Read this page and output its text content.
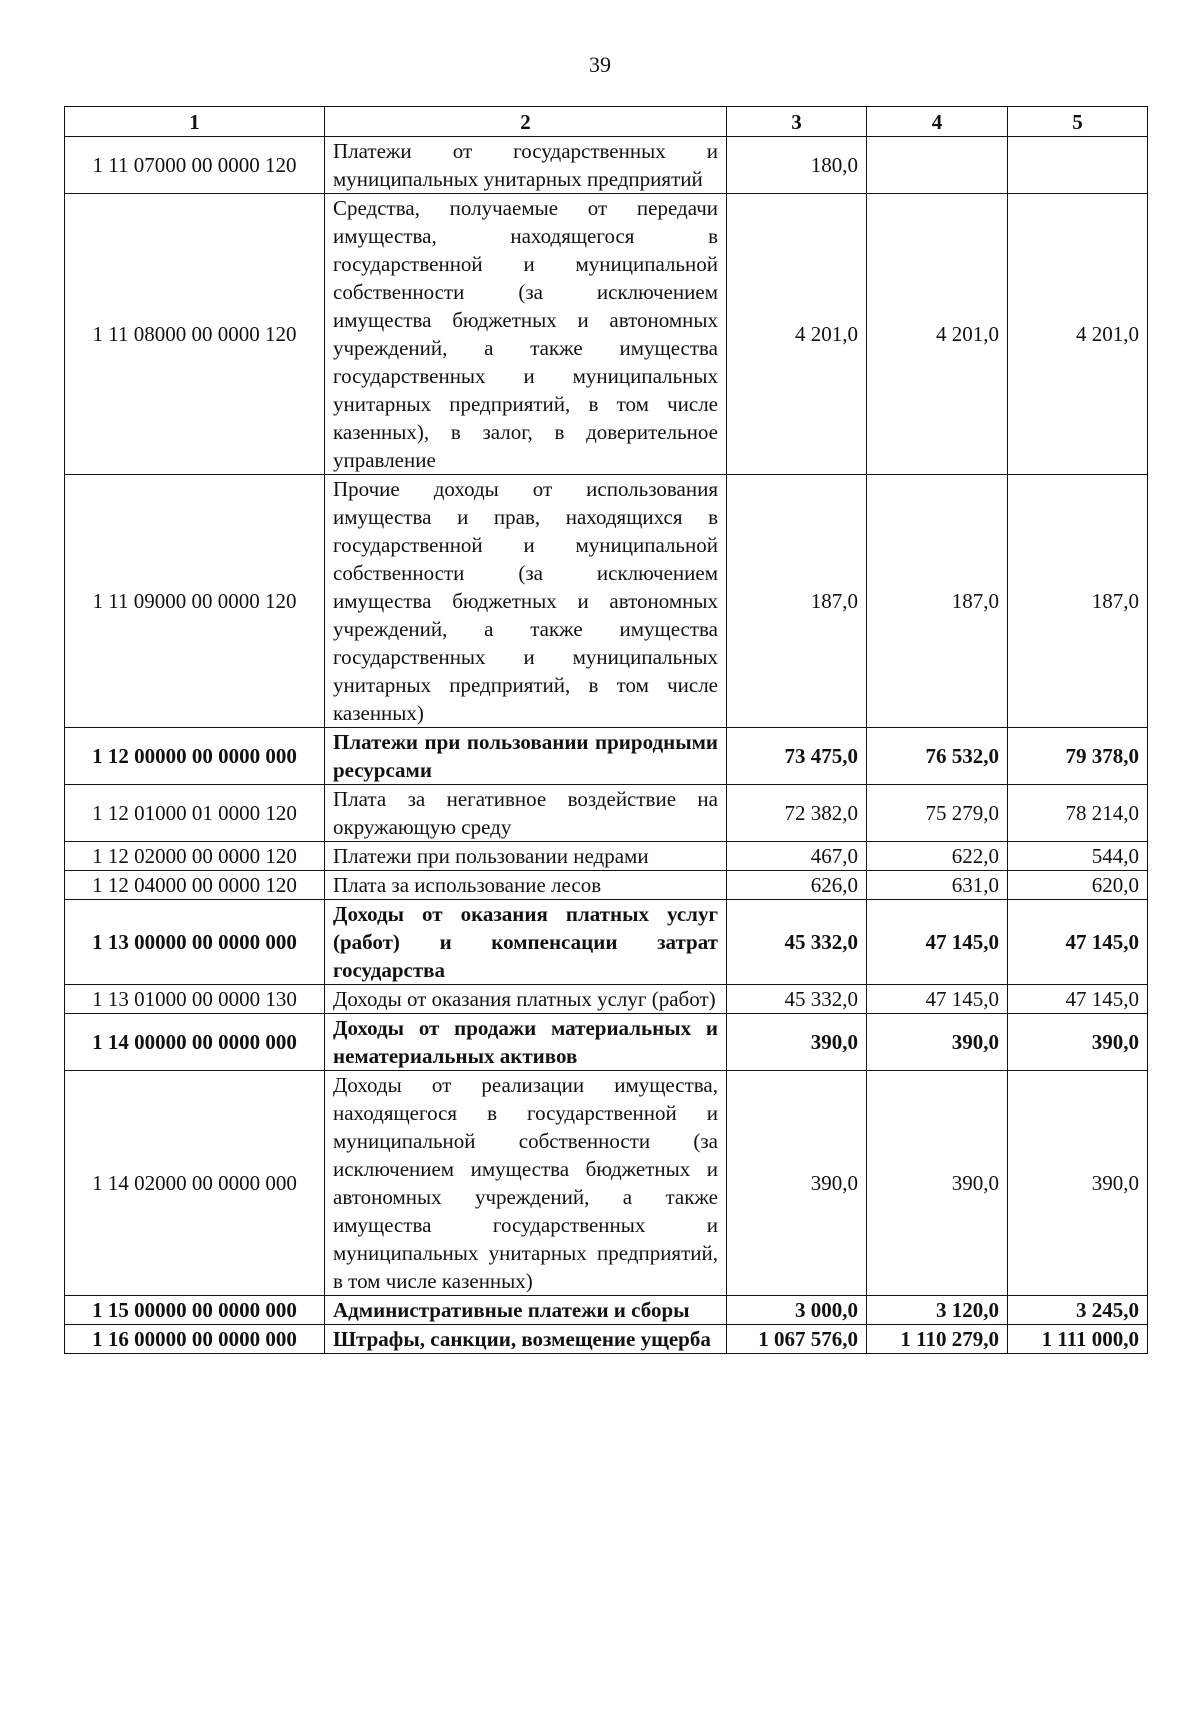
39
1	2	3	4	5
1 11 07000 00 0000 120	Платежи от государственных и муниципальных унитарных предприятий	180,0		
1 11 08000 00 0000 120	Средства, получаемые от передачи имущества, находящегося в государственной и муниципальной собственности (за исключением имущества бюджетных и автономных учреждений, а также имущества государственных и муниципальных унитарных предприятий, в том числе казенных), в залог, в доверительное управление	4 201,0	4 201,0	4 201,0
1 11 09000 00 0000 120	Прочие доходы от использования имущества и прав, находящихся в государственной и муниципальной собственности (за исключением имущества бюджетных и автономных учреждений, а также имущества государственных и муниципальных унитарных предприятий, в том числе казенных)	187,0	187,0	187,0
1 12 00000 00 0000 000	Платежи при пользовании природными ресурсами	73 475,0	76 532,0	79 378,0
1 12 01000 01 0000 120	Плата за негативное воздействие на окружающую среду	72 382,0	75 279,0	78 214,0
1 12 02000 00 0000 120	Платежи при пользовании недрами	467,0	622,0	544,0
1 12 04000 00 0000 120	Плата за использование лесов	626,0	631,0	620,0
1 13 00000 00 0000 000	Доходы от оказания платных услуг (работ) и компенсации затрат государства	45 332,0	47 145,0	47 145,0
1 13 01000 00 0000 130	Доходы от оказания платных услуг (работ)	45 332,0	47 145,0	47 145,0
1 14 00000 00 0000 000	Доходы от продажи материальных и нематериальных активов	390,0	390,0	390,0
1 14 02000 00 0000 000	Доходы от реализации имущества, находящегося в государственной и муниципальной собственности (за исключением имущества бюджетных и автономных учреждений, а также имущества государственных и муниципальных унитарных предприятий, в том числе казенных)	390,0	390,0	390,0
1 15 00000 00 0000 000	Административные платежи и сборы	3 000,0	3 120,0	3 245,0
1 16 00000 00 0000 000	Штрафы, санкции, возмещение ущерба	1 067 576,0	1 110 279,0	1 111 000,0
